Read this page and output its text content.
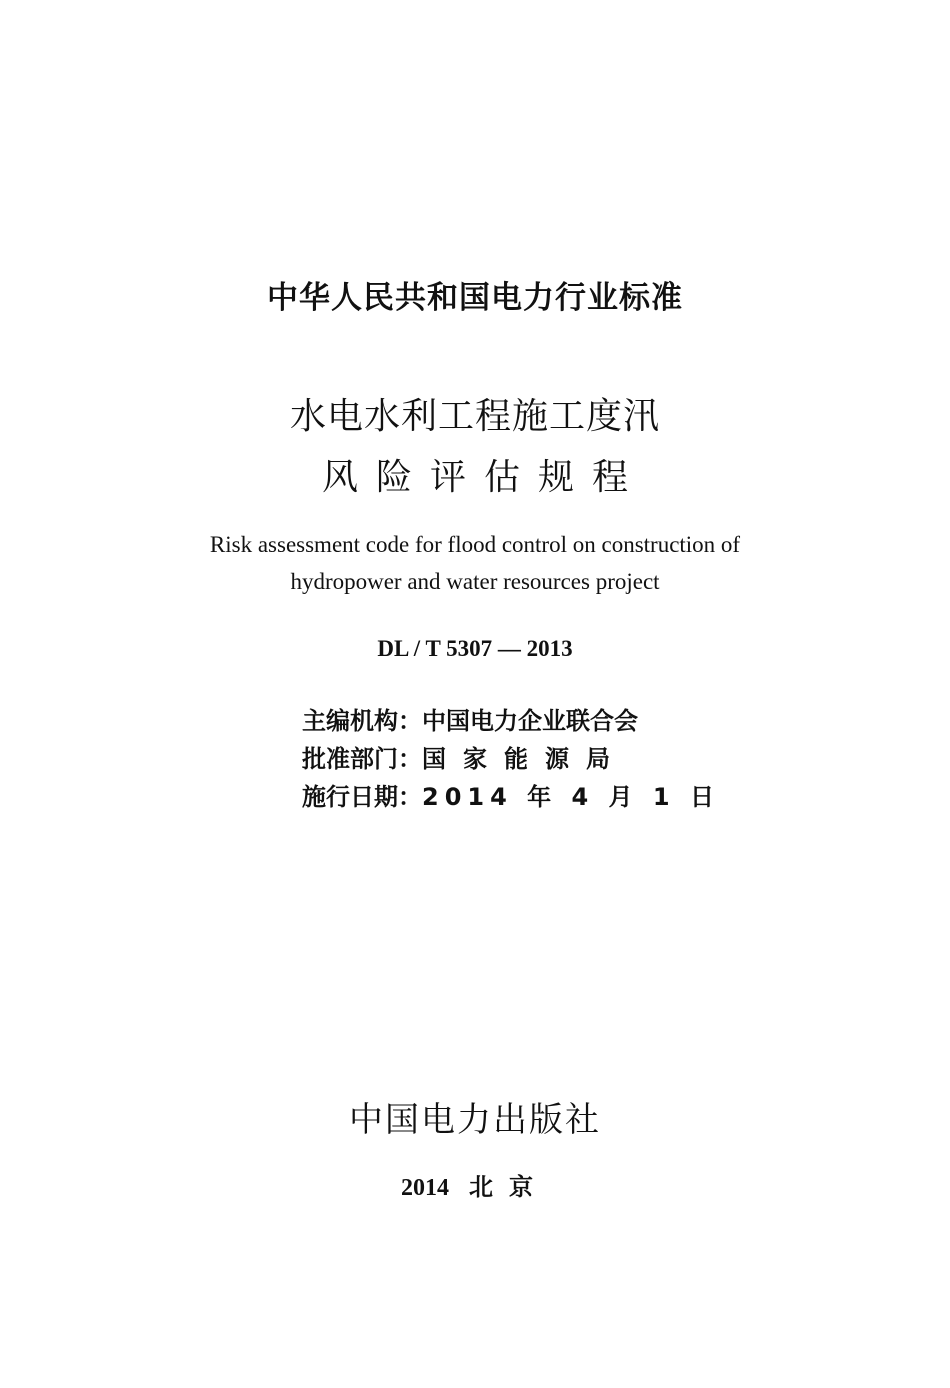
中华人民共和国电力行业标准
水电水利工程施工度汛
风险评估规程
Risk assessment code for flood control on construction of
hydropower and water resources project
DL / T 5307 — 2013
主编机构：中国电力企业联合会
批准部门：国家能源局
施行日期：2014 年 4 月 1 日
中国电力出版社
2014 北京
